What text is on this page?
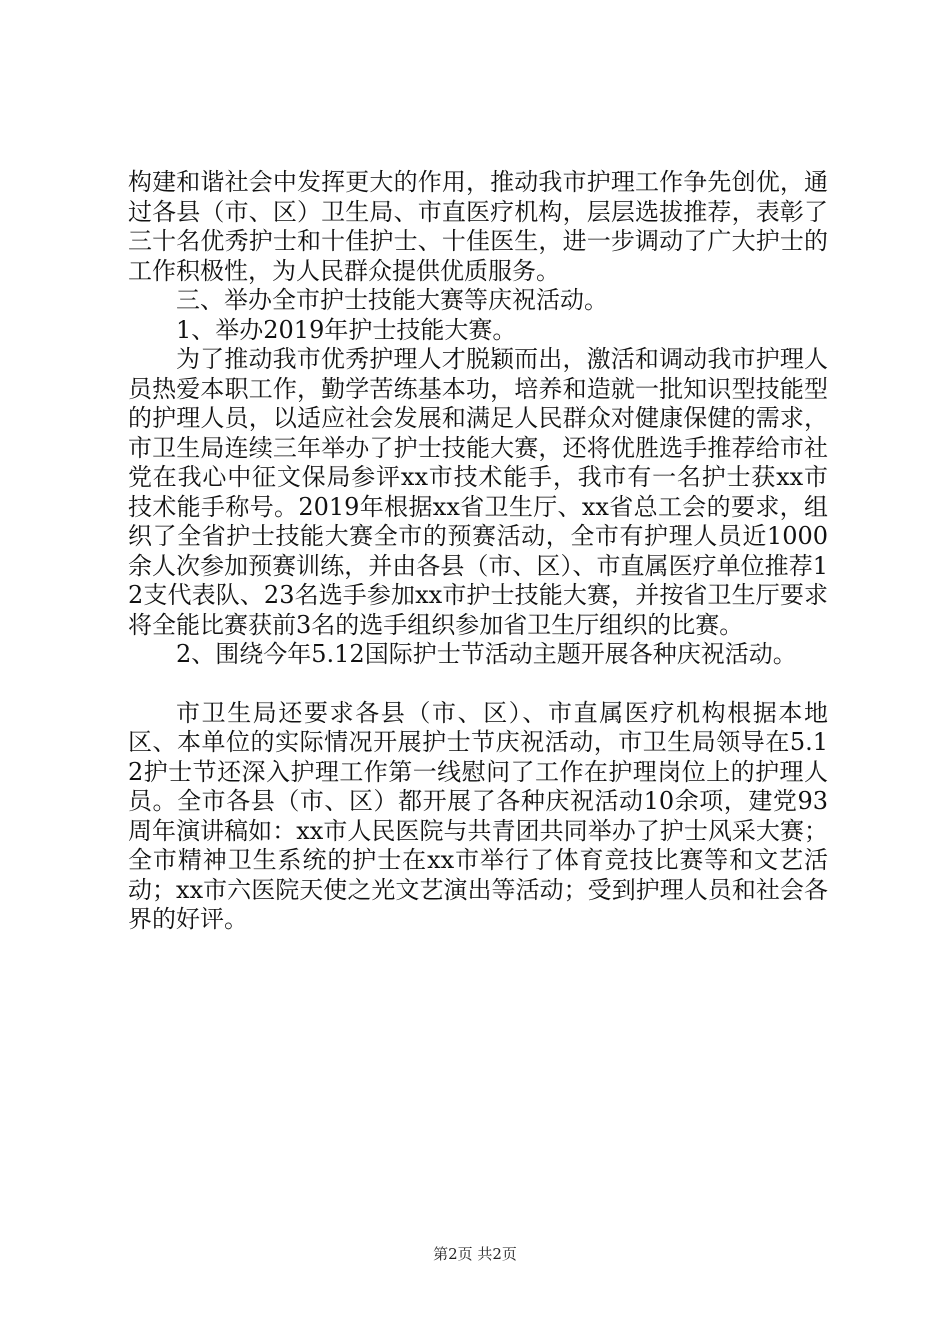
构建和谐社会中发挥更大的作用，推动我市护理工作争先创优，通过各县（市、区）卫生局、市直医疗机构，层层选拔推荐，表彰了三十名优秀护士和十佳护士、十佳医生，进一步调动了广大护士的工作积极性，为人民群众提供优质服务。

三、举办全市护士技能大赛等庆祝活动。

1、举办2019年护士技能大赛。

为了推动我市优秀护理人才脱颖而出，激活和调动我市护理人员热爱本职工作，勤学苦练基本功，培养和造就一批知识型技能型的护理人员，以适应社会发展和满足人民群众对健康保健的需求，市卫生局连续三年举办了护士技能大赛，还将优胜选手推荐给市社党在我心中征文保局参评xx市技术能手，我市有一名护士获xx市技术能手称号。2019年根据xx省卫生厅、xx省总工会的要求，组织了全省护士技能大赛全市的预赛活动，全市有护理人员近1000余人次参加预赛训练，并由各县（市、区）、市直属医疗单位推荐12支代表队、23名选手参加xx市护士技能大赛，并按省卫生厅要求将全能比赛获前3名的选手组织参加省卫生厅组织的比赛。

2、围绕今年5.12国际护士节活动主题开展各种庆祝活动。

市卫生局还要求各县（市、区）、市直属医疗机构根据本地区、本单位的实际情况开展护士节庆祝活动，市卫生局领导在5.12护士节还深入护理工作第一线慰问了工作在护理岗位上的护理人员。全市各县（市、区）都开展了各种庆祝活动10余项，建党93周年演讲稿如：xx市人民医院与共青团共同举办了护士风采大赛；全市精神卫生系统的护士在xx市举行了体育竞技比赛等和文艺活动；xx市六医院天使之光文艺演出等活动；受到护理人员和社会各界的好评。

第2页 共2页
